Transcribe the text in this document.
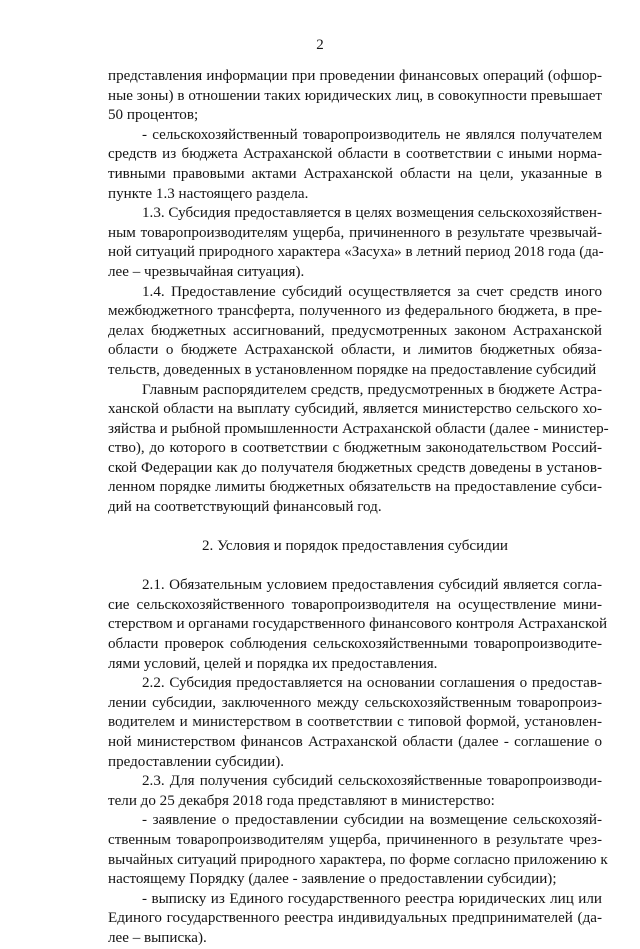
2
представления информации при проведении финансовых операций (офшор-
ные зоны) в отношении таких юридических лиц, в совокупности превышает
50 процентов;
- сельскохозяйственный товаропроизводитель не являлся получателем
средств из бюджета Астраханской области в соответствии с иными норма-
тивными правовыми актами Астраханской области на цели, указанные в
пункте 1.3 настоящего раздела.
1.3. Субсидия предоставляется в целях возмещения сельскохозяйствен-
ным товаропроизводителям ущерба, причиненного в результате чрезвычай-
ной ситуаций природного характера «Засуха» в летний период 2018 года (да-
лее – чрезвычайная ситуация).
1.4. Предоставление субсидий осуществляется за счет средств иного
межбюджетного трансферта, полученного из федерального бюджета, в пре-
делах бюджетных ассигнований, предусмотренных законом Астраханской
области о бюджете Астраханской области, и лимитов бюджетных обяза-
тельств, доведенных в установленном порядке на предоставление субсидий
Главным распорядителем средств, предусмотренных в бюджете Астра-
ханской области на выплату субсидий, является министерство сельского хо-
зяйства и рыбной промышленности Астраханской области (далее - министер-
ство), до которого в соответствии с бюджетным законодательством Россий-
ской Федерации как до получателя бюджетных средств доведены в установ-
ленном порядке лимиты бюджетных обязательств на предоставление субси-
дий на соответствующий финансовый год.
2. Условия и порядок предоставления субсидии
2.1. Обязательным условием предоставления субсидий является согла-
сие сельскохозяйственного товаропроизводителя на осуществление мини-
стерством и органами государственного финансового контроля Астраханской
области проверок соблюдения сельскохозяйственными товаропроизводите-
лями условий, целей и порядка их предоставления.
2.2. Субсидия предоставляется на основании соглашения о предостав-
лении субсидии, заключенного между сельскохозяйственным товаропроиз-
водителем и министерством в соответствии с типовой формой, установлен-
ной министерством финансов Астраханской области (далее - соглашение о
предоставлении субсидии).
2.3. Для получения субсидий сельскохозяйственные товаропроизводи-
тели до 25 декабря 2018 года представляют в министерство:
- заявление о предоставлении субсидии на возмещение сельскохозяй-
ственным товаропроизводителям ущерба, причиненного в результате чрез-
вычайных ситуаций природного характера, по форме согласно приложению к
настоящему Порядку (далее - заявление о предоставлении субсидии);
- выписку из Единого государственного реестра юридических лиц или
Единого государственного реестра индивидуальных предпринимателей (да-
лее – выписка).
